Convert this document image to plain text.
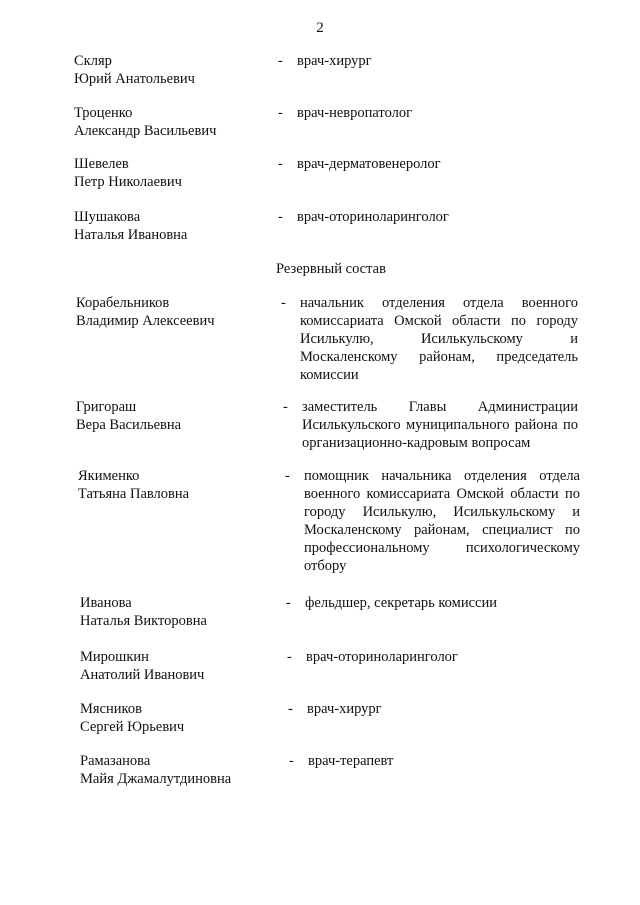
2
Скляр
Юрий Анатольевич
- врач-хирург
Троценко
Александр Васильевич
- врач-невропатолог
Шевелев
Петр Николаевич
- врач-дерматовенеролог
Шушакова
Наталья Ивановна
- врач-оториноларинголог
Резервный состав
Корабельников
Владимир Алексеевич
- начальник отделения отдела военного комиссариата Омской области по городу Исилькулю, Исилькульскому и Москаленскому районам, председатель комиссии
Григораш
Вера Васильевна
- заместитель Главы Администрации Исилькульского муниципального района по организационно-кадровым вопросам
Якименко
Татьяна Павловна
- помощник начальника отделения отдела военного комиссариата Омской области по городу Исилькулю, Исилькульскому и Москаленскому районам, специалист по профессиональному психологическому отбору
Иванова
Наталья Викторовна
- фельдшер, секретарь комиссии
Мирошкин
Анатолий Иванович
- врач-оториноларинголог
Мясников
Сергей Юрьевич
- врач-хирург
Рамазанова
Майя Джамалутдиновна
- врач-терапевт
